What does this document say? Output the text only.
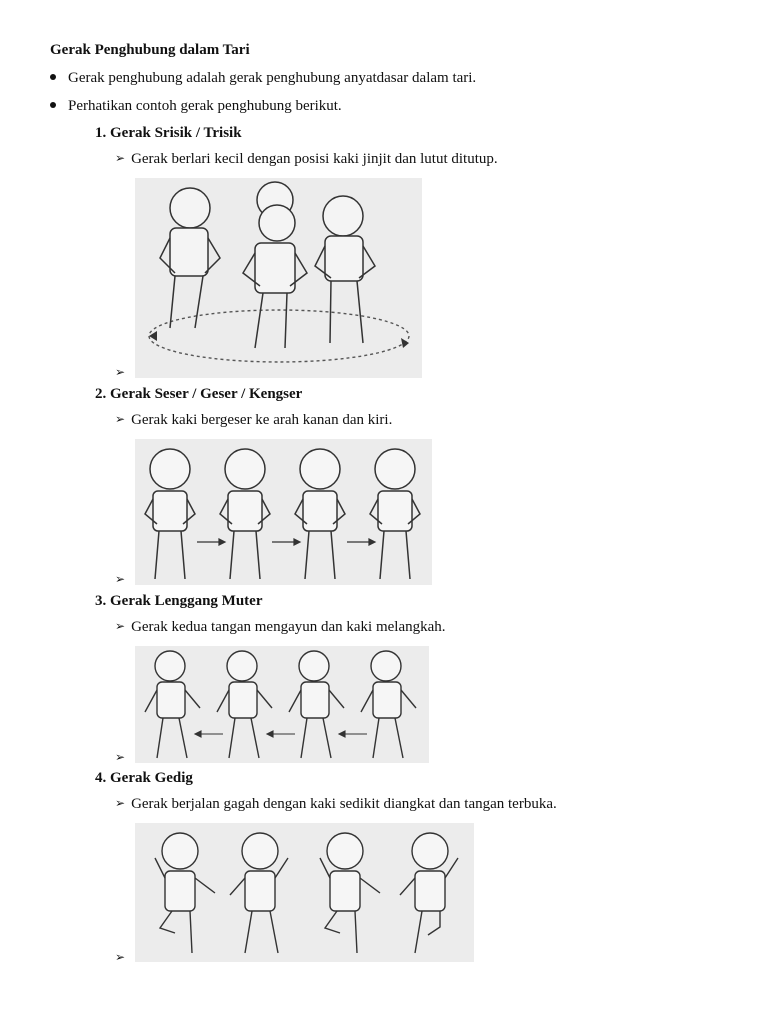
Gerak Penghubung dalam Tari
Gerak penghubung adalah gerak penghubung anyatdasar dalam tari.
Perhatikan contoh gerak penghubung berikut.
1. Gerak Srisik / Trisik
➢ Gerak berlari kecil dengan posisi kaki jinjit dan lutut ditutup.
➢
2. Gerak Seser / Geser / Kengser
➢ Gerak kaki bergeser ke arah kanan dan kiri.
➢
3. Gerak Lenggang Muter
➢ Gerak kedua tangan mengayun dan kaki melangkah.
➢
4. Gerak Gedig
➢ Gerak berjalan gagah dengan kaki sedikit diangkat dan tangan terbuka.
➢
